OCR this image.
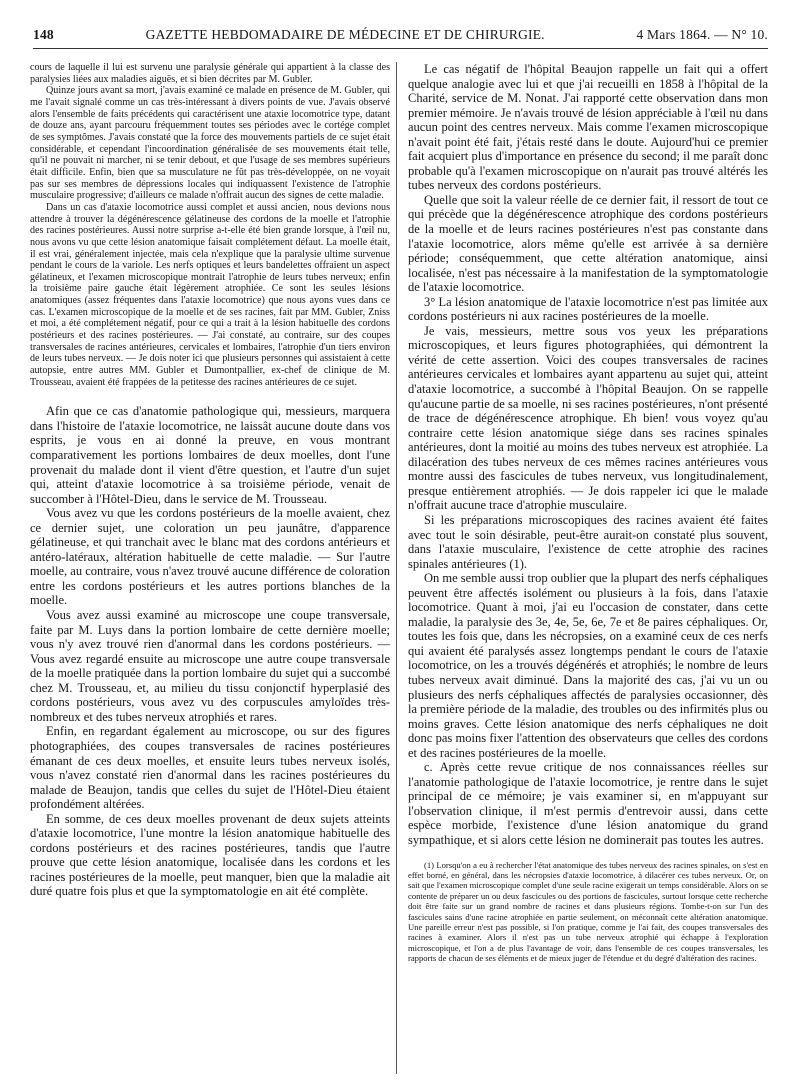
148	GAZETTE HEBDOMADAIRE DE MÉDECINE ET DE CHIRURGIE.	4 Mars 1864. — N° 10.

cours de laquelle il lui est survenu une paralysie générale qui appartient à la classe des paralysies liées aux maladies aiguës, et si bien décrites par M. Gubler.

Quinze jours avant sa mort, j'avais examiné ce malade en présence de M. Gubler, qui me l'avait signalé comme un cas très-intéressant à divers points de vue. J'avais observé alors l'ensemble de faits précédents qui caractérisent une ataxie locomotrice type, datant de douze ans, ayant parcouru fréquemment toutes ses périodes avec le cortége complet de ses symptômes. J'avais constaté que la force des mouvements partiels de ce sujet était considérable, et cependant l'incoordination généralisée de ses mouvements était telle, qu'il ne pouvait ni marcher, ni se tenir debout, et que l'usage de ses membres supérieurs était difficile. Enfin, bien que sa musculature ne fût pas très-développée, on ne voyait pas sur ses membres de dépressions locales qui indiquassent l'existence de l'atrophie musculaire progressive; d'ailleurs ce malade n'offrait aucun des signes de cette maladie.

Dans un cas d'ataxie locomotrice aussi complet et aussi ancien, nous devions nous attendre à trouver la dégénérescence gélatineuse des cordons de la moelle et l'atrophie des racines postérieures. Aussi notre surprise a-t-elle été bien grande lorsque, à l'œil nu, nous avons vu que cette lésion anatomique faisait complétement défaut. La moelle était, il est vrai, généralement injectée, mais cela n'explique que la paralysie ultime survenue pendant le cours de la variole. Les nerfs optiques et leurs bandelettes offraient un aspect gélatineux, et l'examen microscopique montrait l'atrophie de leurs tubes nerveux; enfin la troisième paire gauche était légèrement atrophiée. Ce sont les seules lésions anatomiques (assez fréquentes dans l'ataxie locomotrice) que nous ayons vues dans ce cas. L'examen microscopique de la moelle et de ses racines, fait par MM. Gubler, Zniss et moi, a été complétement négatif, pour ce qui a trait à la lésion habituelle des cordons postérieurs et des racines postérieures. — J'ai constaté, au contraire, sur des coupes transversales de racines antérieures, cervicales et lombaires, l'atrophie d'un tiers environ de leurs tubes nerveux. — Je dois noter ici que plusieurs personnes qui assistaient à cette autopsie, entre autres MM. Gubler et Dumontpallier, ex-chef de clinique de M. Trousseau, avaient été frappées de la petitesse des racines antérieures de ce sujet.

Afin que ce cas d'anatomie pathologique qui, messieurs, marquera dans l'histoire de l'ataxie locomotrice, ne laissât aucune doute dans vos esprits, je vous en ai donné la preuve, en vous montrant comparativement les portions lombaires de deux moelles, dont l'une provenait du malade dont il vient d'être question, et l'autre d'un sujet qui, atteint d'ataxie locomotrice à sa troisième période, venait de succomber à l'Hôtel-Dieu, dans le service de M. Trousseau.

Vous avez vu que les cordons postérieurs de la moelle avaient, chez ce dernier sujet, une coloration un peu jaunâtre, d'apparence gélatineuse, et qui tranchait avec le blanc mat des cordons antérieurs et antéro-latéraux, altération habituelle de cette maladie. — Sur l'autre moelle, au contraire, vous n'avez trouvé aucune différence de coloration entre les cordons postérieurs et les autres portions blanches de la moelle.

Vous avez aussi examiné au microscope une coupe transversale, faite par M. Luys dans la portion lombaire de cette dernière moelle; vous n'y avez trouvé rien d'anormal dans les cordons postérieurs. — Vous avez regardé ensuite au microscope une autre coupe transversale de la moelle pratiquée dans la portion lombaire du sujet qui a succombé chez M. Trousseau, et, au milieu du tissu conjonctif hyperplasié des cordons postérieurs, vous avez vu des corpuscules amyloïdes très-nombreux et des tubes nerveux atrophiés et rares.

Enfin, en regardant également au microscope, ou sur des figures photographiées, des coupes transversales de racines postérieures émanant de ces deux moelles, et ensuite leurs tubes nerveux isolés, vous n'avez constaté rien d'anormal dans les racines postérieures du malade de Beaujon, tandis que celles du sujet de l'Hôtel-Dieu étaient profondément altérées.

En somme, de ces deux moelles provenant de deux sujets atteints d'ataxie locomotrice, l'une montre la lésion anatomique habituelle des cordons postérieurs et des racines postérieures, tandis que l'autre prouve que cette lésion anatomique, localisée dans les cordons et les racines postérieures de la moelle, peut manquer, bien que la maladie ait duré quatre fois plus et que la symptomatologie en ait été complète.

Le cas négatif de l'hôpital Beaujon rappelle un fait qui a offert quelque analogie avec lui et que j'ai recueilli en 1858 à l'hôpital de la Charité, service de M. Nonat. J'ai rapporté cette observation dans mon premier mémoire. Je n'avais trouvé de lésion appréciable à l'œil nu dans aucun point des centres nerveux. Mais comme l'examen microscopique n'avait point été fait, j'étais resté dans le doute. Aujourd'hui ce premier fait acquiert plus d'importance en présence du second; il me paraît donc probable qu'à l'examen microscopique on n'aurait pas trouvé altérés les tubes nerveux des cordons postérieurs.

Quelle que soit la valeur réelle de ce dernier fait, il ressort de tout ce qui précède que la dégénérescence atrophique des cordons postérieurs de la moelle et de leurs racines postérieures n'est pas constante dans l'ataxie locomotrice, alors même qu'elle est arrivée à sa dernière période; conséquemment, que cette altération anatomique, ainsi localisée, n'est pas nécessaire à la manifestation de la symptomatologie de l'ataxie locomotrice.

3° La lésion anatomique de l'ataxie locomotrice n'est pas limitée aux cordons postérieurs ni aux racines postérieures de la moelle.

Je vais, messieurs, mettre sous vos yeux les préparations microscopiques, et leurs figures photographiées, qui démontrent la vérité de cette assertion. Voici des coupes transversales de racines antérieures cervicales et lombaires ayant appartenu au sujet qui, atteint d'ataxie locomotrice, a succombé à l'hôpital Beaujon. On se rappelle qu'aucune partie de sa moelle, ni ses racines postérieures, n'ont présenté de trace de dégénérescence atrophique. Eh bien! vous voyez qu'au contraire cette lésion anatomique siége dans ses racines spinales antérieures, dont la moitié au moins des tubes nerveux est atrophiée. La dilacération des tubes nerveux de ces mêmes racines antérieures vous montre aussi des fascicules de tubes nerveux, vus longitudinalement, presque entièrement atrophiés. — Je dois rappeler ici que le malade n'offrait aucune trace d'atrophie musculaire.

Si les préparations microscopiques des racines avaient été faites avec tout le soin désirable, peut-être aurait-on constaté plus souvent, dans l'ataxie musculaire, l'existence de cette atrophie des racines spinales antérieures (1).

On me semble aussi trop oublier que la plupart des nerfs céphaliques peuvent être affectés isolément ou plusieurs à la fois, dans l'ataxie locomotrice. Quant à moi, j'ai eu l'occasion de constater, dans cette maladie, la paralysie des 3e, 4e, 5e, 6e, 7e et 8e paires céphaliques. Or, toutes les fois que, dans les nécropsies, on a examiné ceux de ces nerfs qui avaient été paralysés assez longtemps pendant le cours de l'ataxie locomotrice, on les a trouvés dégénérés et atrophiés; le nombre de leurs tubes nerveux avait diminué. Dans la majorité des cas, j'ai vu un ou plusieurs des nerfs céphaliques affectés de paralysies occasionner, dès la première période de la maladie, des troubles ou des infirmités plus ou moins graves. Cette lésion anatomique des nerfs céphaliques ne doit donc pas moins fixer l'attention des observateurs que celles des cordons et des racines postérieures de la moelle.

c. Après cette revue critique de nos connaissances réelles sur l'anatomie pathologique de l'ataxie locomotrice, je rentre dans le sujet principal de ce mémoire; je vais examiner si, en m'appuyant sur l'observation clinique, il m'est permis d'entrevoir aussi, dans cette espèce morbide, l'existence d'une lésion anatomique du grand sympathique, et si alors cette lésion ne dominerait pas toutes les autres.

(1) Lorsqu'on a eu à rechercher l'état anatomique des tubes nerveux des racines spinales, on s'est en effet borné, en général, dans les nécropsies d'ataxie locomotrice, à dilacérer ces tubes nerveux. Or, on sait que l'examen microscopique complet d'une seule racine exigerait un temps considérable. Alors on se contente de préparer un ou deux fascicules ou des portions de fascicules, surtout lorsque cette recherche doit être faite sur un grand nombre de racines et dans plusieurs régions. Tombe-t-on sur l'un des fascicules sains d'une racine atrophiée en partie seulement, on méconnaît cette altération anatomique. Une pareille erreur n'est pas possible, si l'on pratique, comme je l'ai fait, des coupes transversales des racines à examiner. Alors il n'est pas un tube nerveux atrophié qui échappe à l'exploration microscopique, et l'on a de plus l'avantage de voir, dans l'ensemble de ces coupes transversales, les rapports de chacun de ses éléments et de mieux juger de l'étendue et du degré d'altération des racines.
